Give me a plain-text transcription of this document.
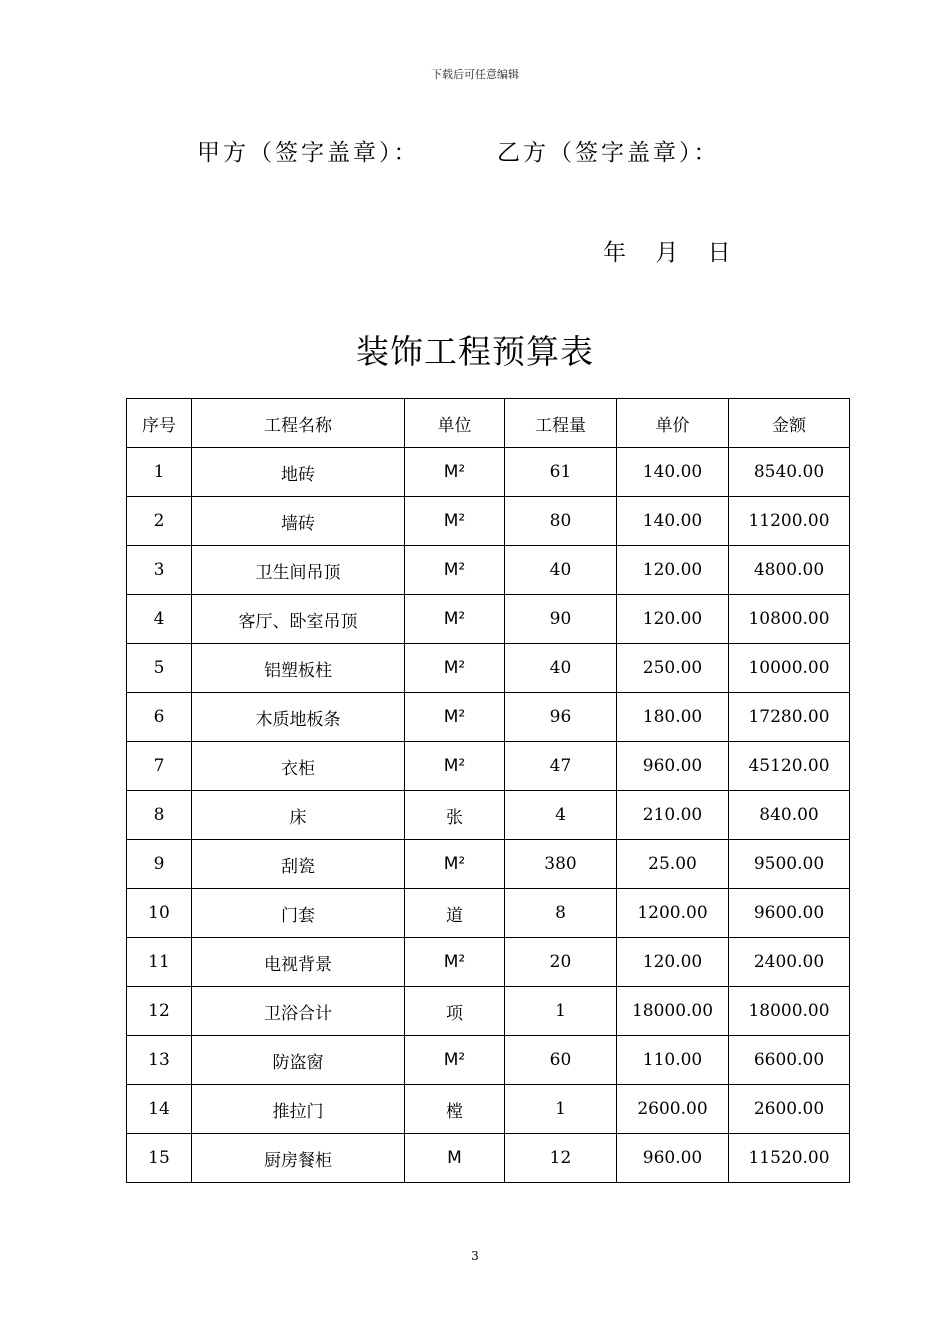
下载后可任意编辑
甲方（签字盖章）：	乙方（签字盖章）：
年 月 日
装饰工程预算表
序号	工程名称	单位	工程量	单价	金额
1	地砖	M²	61	140.00	8540.00
2	墙砖	M²	80	140.00	11200.00
3	卫生间吊顶	M²	40	120.00	4800.00
4	客厅、卧室吊顶	M²	90	120.00	10800.00
5	铝塑板柱	M²	40	250.00	10000.00
6	木质地板条	M²	96	180.00	17280.00
7	衣柜	M²	47	960.00	45120.00
8	床	张	4	210.00	840.00
9	刮瓷	M²	380	25.00	9500.00
10	门套	道	8	1200.00	9600.00
11	电视背景	M²	20	120.00	2400.00
12	卫浴合计	项	1	18000.00	18000.00
13	防盗窗	M²	60	110.00	6600.00
14	推拉门	樘	1	2600.00	2600.00
15	厨房餐柜	M	12	960.00	11520.00
3
